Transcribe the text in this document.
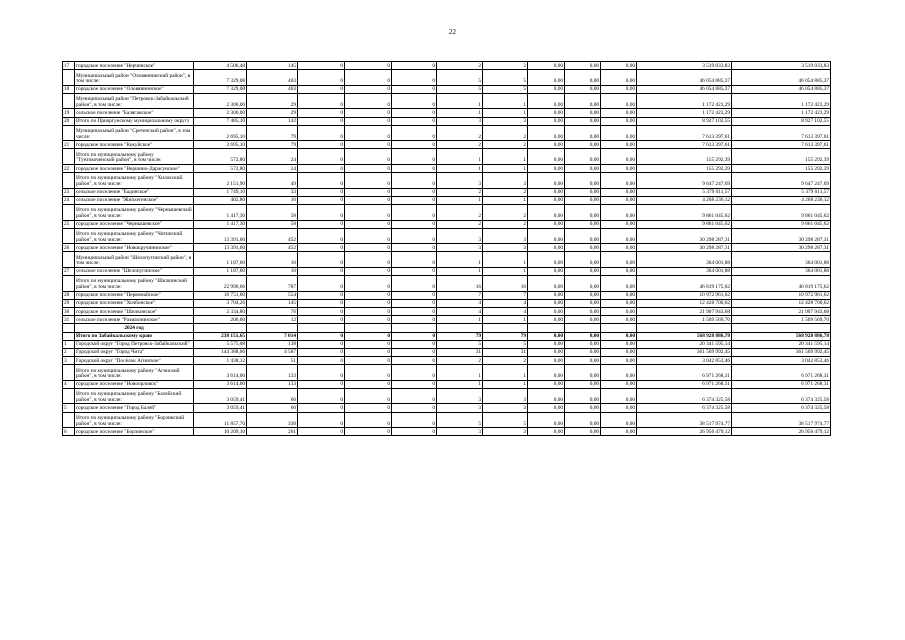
22
17	городское поселение "Нерчинское"	4 506,48	145	0	0	0	2	2	0,00	0,00	0,00	3 519 033,83	3 519 033,83
	Муниципальный район "Оловяннинский район", в том числе:	7 329,08	403	0	0	0	5	5	0,00	0,00	0,00	46 054 885,37	46 054 885,37
18	городское поселение "Оловяннинское"	7 329,08	403	0	0	0	5	5	0,00	0,00	0,00	46 054 885,37	46 054 885,37
	Муниципальный район "Петровск-Забайкальский район", в том числе:	2 306,00	29	0	0	0	1	1	0,00	0,00	0,00	1 172 423,29	1 172 423,29
19	сельское поселение "Баляганское"	2 306,00	29	0	0	0	1	1	0,00	0,00	0,00	1 172 423,29	1 172 423,29
20	Итого по Приаргунскому муниципальному округу	7 485,10	142	0	0	0	3	3	0,00	0,00	0,00	8 927 102,55	8 927 102,55
	Муниципальный район "Сретенский район", в том числе:	2 695,10	79	0	0	0	2	2	0,00	0,00	0,00	7 613 397,61	7 613 397,61
21	городское поселение "Кокуйское"	2 695,10	79	0	0	0	2	2	0,00	0,00	0,00	7 613 397,61	7 613 397,61
	Итого по муниципальному району "Тунгокоченский район", в том числе:	572,80	24	0	0	0	1	1	0,00	0,00	0,00	155 292,39	155 292,39
22	городское поселение "Вершино-Дарасунское"	572,80	24	0	0	0	1	1	0,00	0,00	0,00	155 292,39	155 292,39
	Итого по муниципальному району "Хилокский район", в том числе:	2 151,90	49	0	0	0	3	3	0,00	0,00	0,00	9 647 247,69	9 647 247,69
23	сельское поселение "Бадинское"	1 749,10	33	0	0	0	2	2	0,00	0,00	0,00	5 379 011,57	5 379 011,57
24	сельское поселение "Жипхегенское"	402,80	16	0	0	0	1	1	0,00	0,00	0,00	4 268 236,12	4 268 236,12
	Итого по муниципальному району "Чернышевский район", в том числе:	1 417,30	58	0	0	0	2	2	0,00	0,00	0,00	9 861 045,62	9 861 045,62
25	городское поселение "Чернышевское"	1 417,30	58	0	0	0	2	2	0,00	0,00	0,00	9 861 045,62	9 861 045,62
	Итого по муниципальному району "Читинский район", в том числе:	13 391,60	452	0	0	0	3	3	0,00	0,00	0,00	30 298 287,31	30 298 287,31
26	городское поселение "Новокручининское"	13 391,60	452	0	0	0	3	3	0,00	0,00	0,00	30 298 287,31	30 298 287,31
	Муниципальный район "Шелопугинский район", в том числе:	1 187,60	16	0	0	0	1	1	0,00	0,00	0,00	364 001,88	364 001,88
27	сельское поселение "Шелопугинское"	1 187,60	16	0	0	0	1	1	0,00	0,00	0,00	364 001,88	364 001,88
	Итого по муниципальному району "Шилкинский район", в том числе:	22 996,66	787	0	0	0	16	16	0,00	0,00	0,00	46 819 175,62	46 819 175,62
28	городское поселение "Первомайское"	16 751,60	554	0	0	0	7	7	0,00	0,00	0,00	10 972 961,62	10 972 961,62
29	городское поселение "Холбонское"	3 704,26	145	0	0	0	4	4	0,00	0,00	0,00	12 428 700,62	12 428 700,62
30	городское поселение "Шилкинское"	2 334,80	76	0	0	0	4	4	0,00	0,00	0,00	21 907 943,68	21 907 943,68
31	сельское поселение "Размахнинское"	206,00	12	0	0	0	1	1	0,00	0,00	0,00	1 509 569,70	1 509 569,70
	2024 год												
	Итого по Забайкальскому краю	238 151,65	7 014	0	0	0	79	79	0,00	0,00	0,00	568 928 886,78	568 928 886,78
1	Городской округ "Город Петровск-Забайкальский"	5 575,08	138	0	0	0	5	5	0,00	0,00	0,00	20 341 595,14	20 341 595,14
2	Городской округ "Город Чита"	144 388,06	4 587	0	0	0	31	31	0,00	0,00	0,00	361 569 992,45	361 569 992,45
3	Городской округ "Посёлок Агинское"	1 438,12	51	0	0	0	2	2	0,00	0,00	0,00	3 042 853,46	3 042 853,46
	Итого по муниципальному району "Агинский район", в том числе:	3 614,00	133	0	0	0	1	1	0,00	0,00	0,00	6 971 268,31	6 971 268,31
4	городское поселение "Новоорловск"	3 614,00	133	0	0	0	1	1	0,00	0,00	0,00	6 971 268,31	6 971 268,31
	Итого по муниципальному району "Балейский район", в том числе:	3 059,41	66	0	0	0	3	3	0,00	0,00	0,00	6 374 325,58	6 374 325,58
5	городское поселение "Город Балей"	3 059,41	66	0	0	0	3	3	0,00	0,00	0,00	6 374 325,58	6 374 325,58
	Итого по муниципальному району "Борзинский район", в том числе:	11 857,70	330	0	0	0	5	5	0,00	0,00	0,00	38 517 974,77	38 517 974,77
6	городское поселение "Борзинское"	10 209,10	261	0	0	0	3	3	0,00	0,00	0,00	26 956 479,12	26 956 479,12
